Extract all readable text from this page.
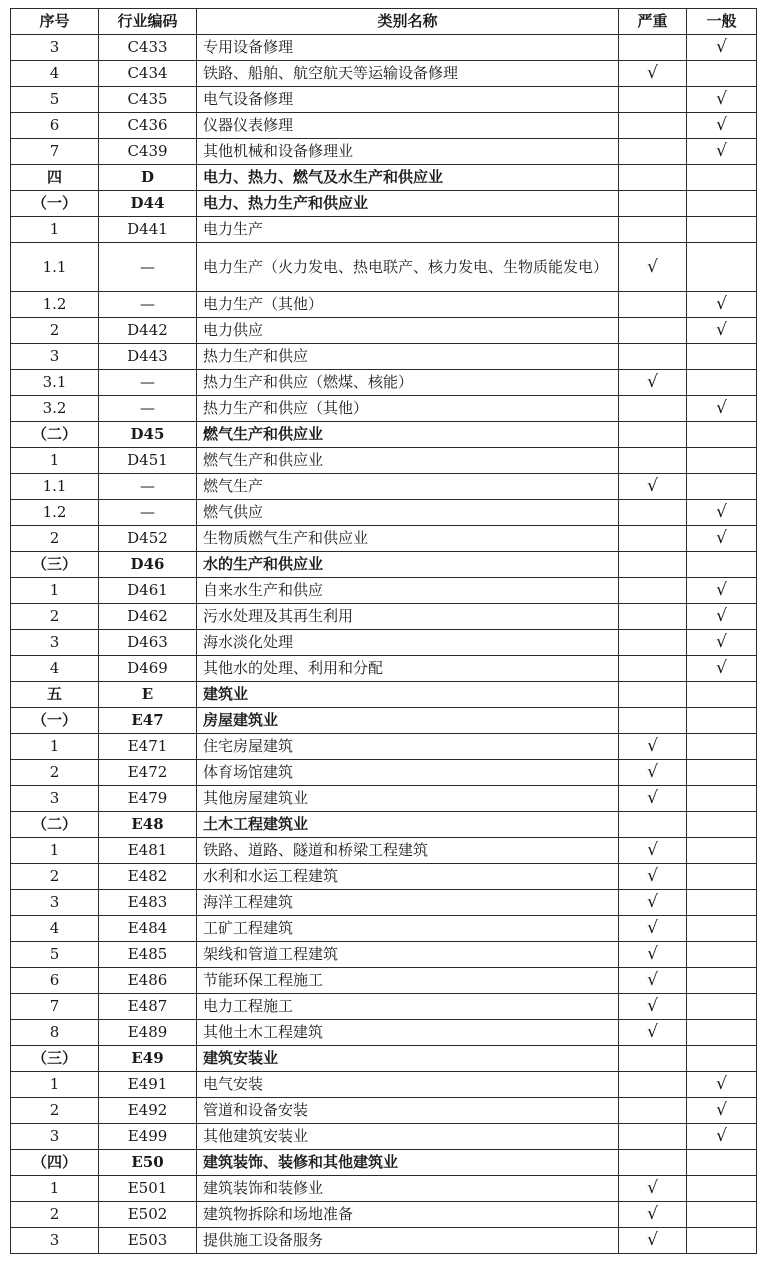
序号	行业编码	类别名称	严重	一般
3	C433	专用设备修理		√
4	C434	铁路、船舶、航空航天等运输设备修理	√	
5	C435	电气设备修理		√
6	C436	仪器仪表修理		√
7	C439	其他机械和设备修理业		√
四	D	电力、热力、燃气及水生产和供应业		
（一）	D44	电力、热力生产和供应业		
1	D441	电力生产		
1.1	—	电力生产（火力发电、热电联产、核力发电、生物质能发电）	√	
1.2	—	电力生产（其他）		√
2	D442	电力供应		√
3	D443	热力生产和供应		
3.1	—	热力生产和供应（燃煤、核能）	√	
3.2	—	热力生产和供应（其他）		√
（二）	D45	燃气生产和供应业		
1	D451	燃气生产和供应业		
1.1	—	燃气生产	√	
1.2	—	燃气供应		√
2	D452	生物质燃气生产和供应业		√
（三）	D46	水的生产和供应业		
1	D461	自来水生产和供应		√
2	D462	污水处理及其再生利用		√
3	D463	海水淡化处理		√
4	D469	其他水的处理、利用和分配		√
五	E	建筑业		
（一）	E47	房屋建筑业		
1	E471	住宅房屋建筑	√	
2	E472	体育场馆建筑	√	
3	E479	其他房屋建筑业	√	
（二）	E48	土木工程建筑业		
1	E481	铁路、道路、隧道和桥梁工程建筑	√	
2	E482	水利和水运工程建筑	√	
3	E483	海洋工程建筑	√	
4	E484	工矿工程建筑	√	
5	E485	架线和管道工程建筑	√	
6	E486	节能环保工程施工	√	
7	E487	电力工程施工	√	
8	E489	其他土木工程建筑	√	
（三）	E49	建筑安装业		
1	E491	电气安装		√
2	E492	管道和设备安装		√
3	E499	其他建筑安装业		√
（四）	E50	建筑装饰、装修和其他建筑业		
1	E501	建筑装饰和装修业	√	
2	E502	建筑物拆除和场地准备	√	
3	E503	提供施工设备服务	√	
